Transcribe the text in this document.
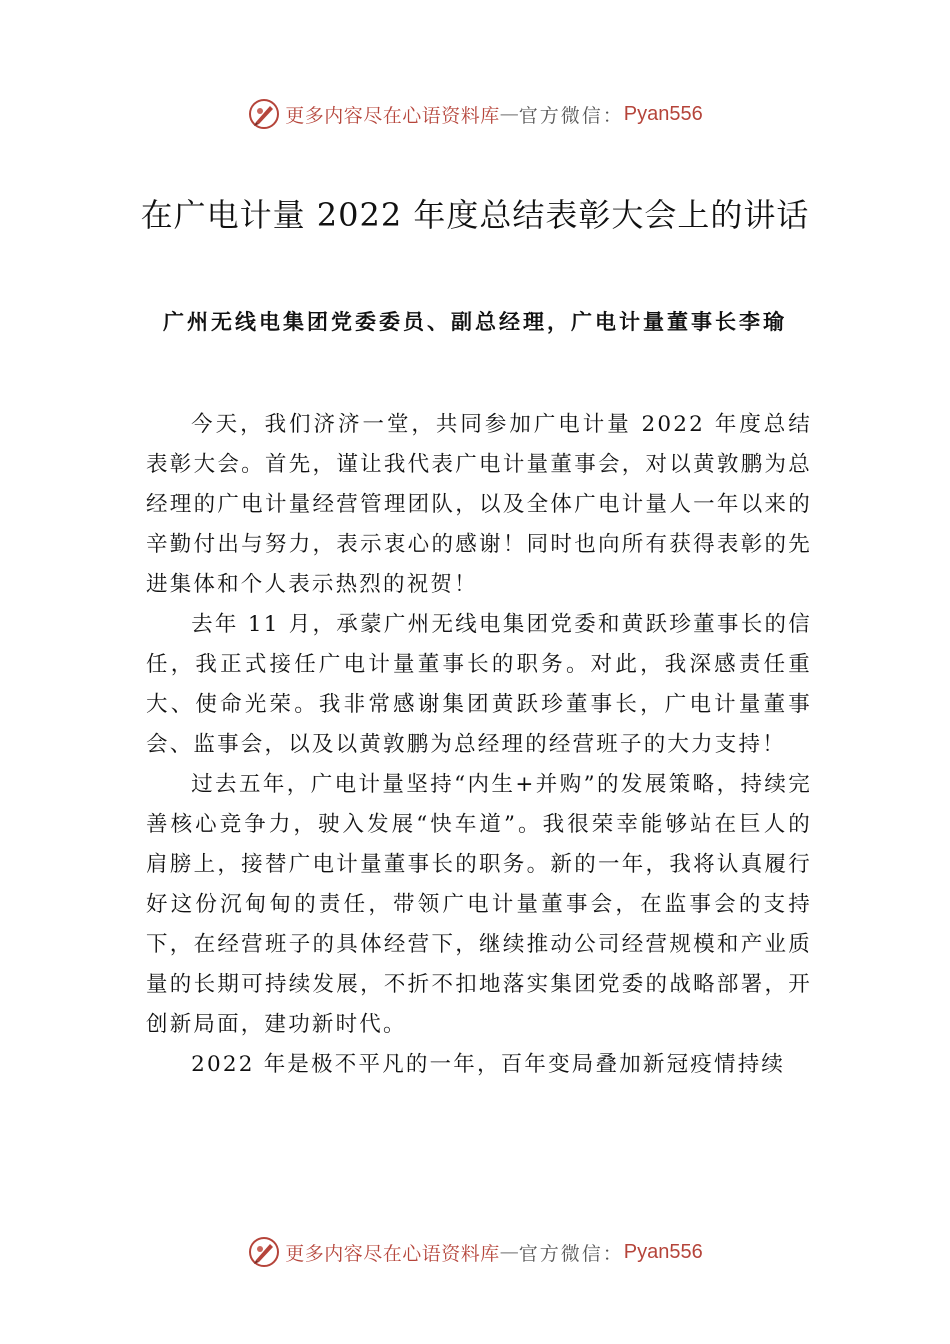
更多内容尽在心语资料库 — 官方微信： Pyan556
在广电计量 2022 年度总结表彰大会上的讲话
广州无线电集团党委委员、副总经理，广电计量董事长李瑜

今天，我们济济一堂，共同参加广电计量 2022 年度总结表彰大会。首先，谨让我代表广电计量董事会，对以黄敦鹏为总经理的广电计量经营管理团队，以及全体广电计量人一年以来的辛勤付出与努力，表示衷心的感谢！同时也向所有获得表彰的先进集体和个人表示热烈的祝贺！

去年 11 月，承蒙广州无线电集团党委和黄跃珍董事长的信任，我正式接任广电计量董事长的职务。对此，我深感责任重大、使命光荣。我非常感谢集团黄跃珍董事长，广电计量董事会、监事会，以及以黄敦鹏为总经理的经营班子的大力支持！

过去五年，广电计量坚持“内生+并购”的发展策略，持续完善核心竞争力，驶入发展“快车道”。我很荣幸能够站在巨人的肩膀上，接替广电计量董事长的职务。新的一年，我将认真履行好这份沉甸甸的责任，带领广电计量董事会，在监事会的支持下，在经营班子的具体经营下，继续推动公司经营规模和产业质量的长期可持续发展，不折不扣地落实集团党委的战略部署，开创新局面，建功新时代。

2022 年是极不平凡的一年，百年变局叠加新冠疫情持续

更多内容尽在心语资料库 — 官方微信： Pyan556
